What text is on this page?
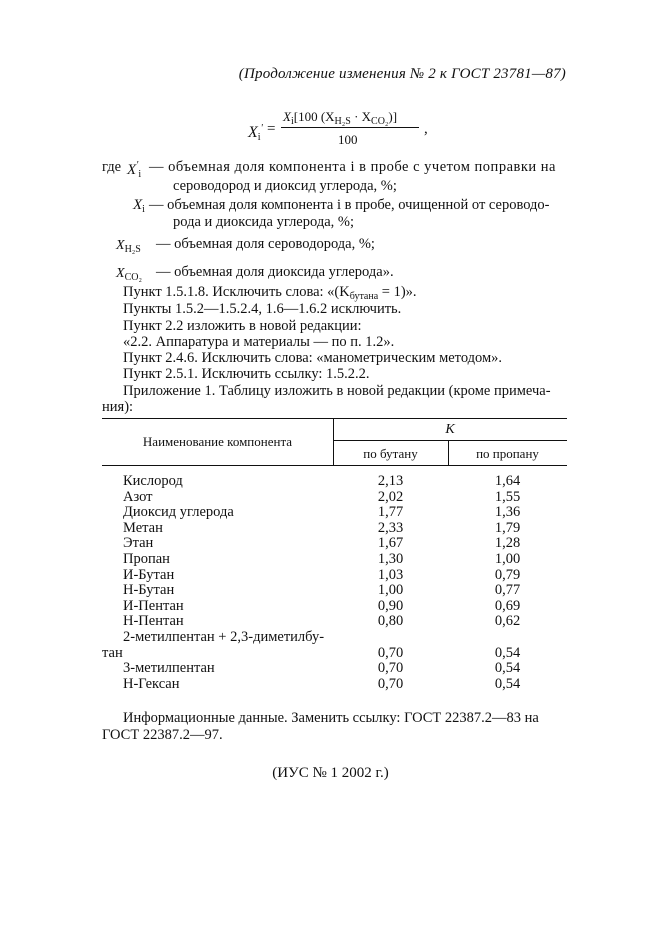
(Продолжение изменения № 2 к ГОСТ 23781—87)
$X_i'$ =
$X_i[100$ $(X_{H_2S} \cdot X_{CO_2})$]
100
,
где $X'_i$ — объемная доля компонента i в пробе с учетом поправки на
сероводород и диоксид углерода, %;
$X_i$ — объемная доля компонента i в пробе, очищенной от сероводо-
рода и диоксида углерода, %;
$X_{H_2S}$ — объемная доля сероводорода, %;
$X_{CO_2}$ — объемная доля диоксида углерода».
Пункт 1.5.1.8. Исключить слова: «$(K_{бутана} = 1)$».
Пункты 1.5.2—1.5.2.4, 1.6—1.6.2 исключить.
Пункт 2.2 изложить в новой редакции:
«2.2. Аппаратура и материалы — по п. 1.2».
Пункт 2.4.6. Исключить слова: «манометрическим методом».
Пункт 2.5.1. Исключить ссылку: 1.5.2.2.
Приложение 1. Таблицу изложить в новой редакции (кроме примеча-
ния):
Наименование компонента
K
по бутану	по пропану
Кислород	2,13	1,64
Азот	2,02	1,55
Диоксид углерода	1,77	1,36
Метан	2,33	1,79
Этан	1,67	1,28
Пропан	1,30	1,00
И-Бутан	1,03	0,79
Н-Бутан	1,00	0,77
И-Пентан	0,90	0,69
Н-Пентан	0,80	0,62
2-метилпентан + 2,3-диметилбу-
тан	0,70	0,54
3-метилпентан	0,70	0,54
Н-Гексан	0,70	0,54
Информационные данные. Заменить ссылку: ГОСТ 22387.2—83 на
ГОСТ 22387.2—97.
(ИУС № 1 2002 г.)
